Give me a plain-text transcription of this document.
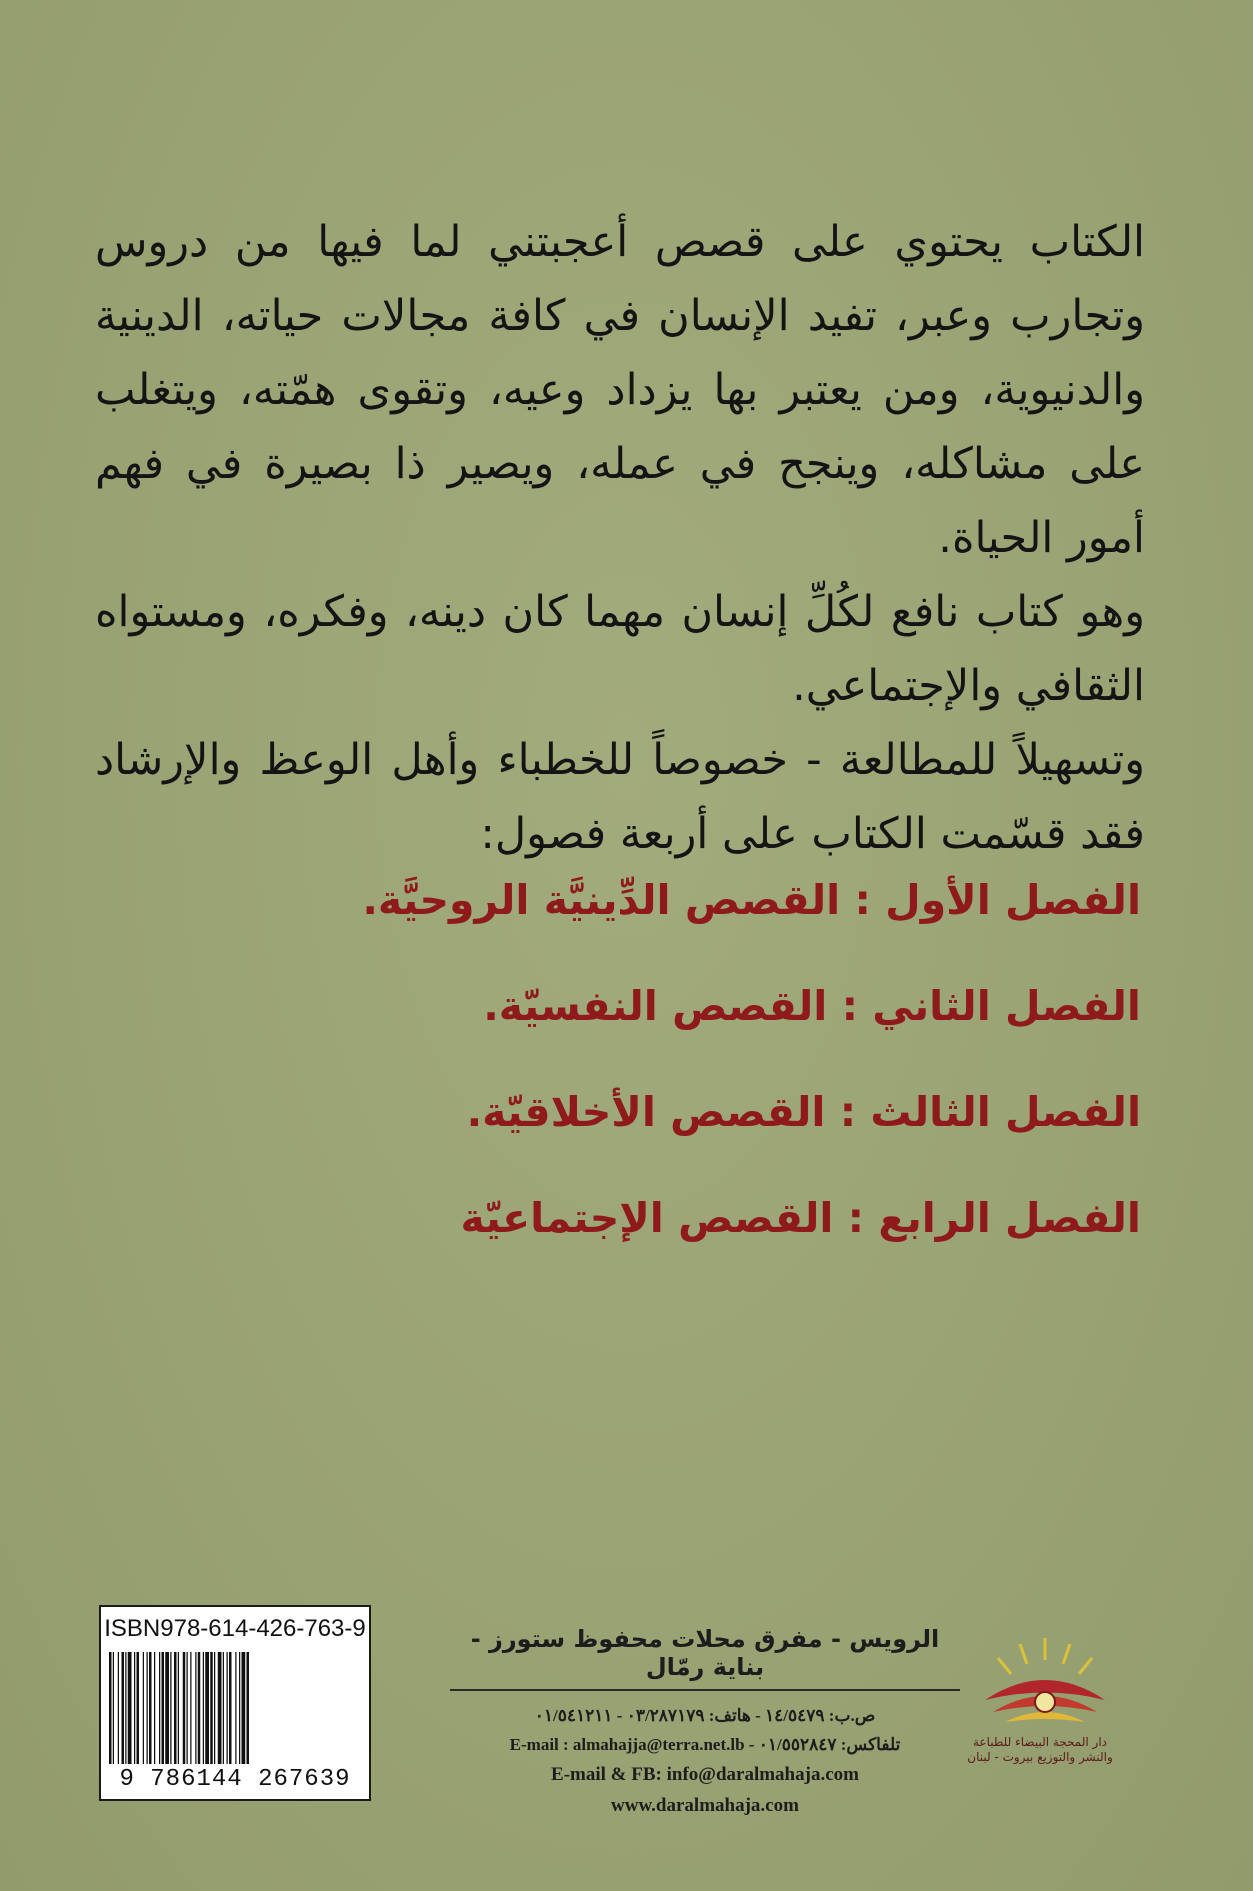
الكتاب يحتوي على قصص أعجبتني لما فيها من دروس وتجارب وعبر، تفيد الإنسان في كافة مجالات حياته، الدينية والدنيوية، ومن يعتبر بها يزداد وعيه، وتقوى همّته، ويتغلب على مشاكله، وينجح في عمله، ويصير ذا بصيرة في فهم أمور الحياة.

وهو كتاب نافع لكُلِّ إنسان مهما كان دينه، وفكره، ومستواه الثقافي والإجتماعي.

وتسهيلاً للمطالعة - خصوصاً للخطباء وأهل الوعظ والإرشاد فقد قسّمت الكتاب على أربعة فصول:

الفصل الأول : القصص الدِّينيَّة الروحيَّة.
الفصل الثاني : القصص النفسيّة.
الفصل الثالث : القصص الأخلاقيّة.
الفصل الرابع : القصص الإجتماعيّة
ISBN978-614-426-763-9
9 786144 267639
الرويس - مفرق محلات محفوظ ستورز - بناية رمّال
ص.ب: ١٤/٥٤٧٩ - هاتف: ٠٣/٢٨٧١٧٩ - ٠١/٥٤١٢١١
تلفاكس: ٠١/٥٥٢٨٤٧ - E-mail : almahajja@terra.net.lb
E-mail & FB: info@daralmahaja.com
www.daralmahaja.com
دار المحجة البيضاء للطباعة والنشر والتوزيع بيروت - لبنان
